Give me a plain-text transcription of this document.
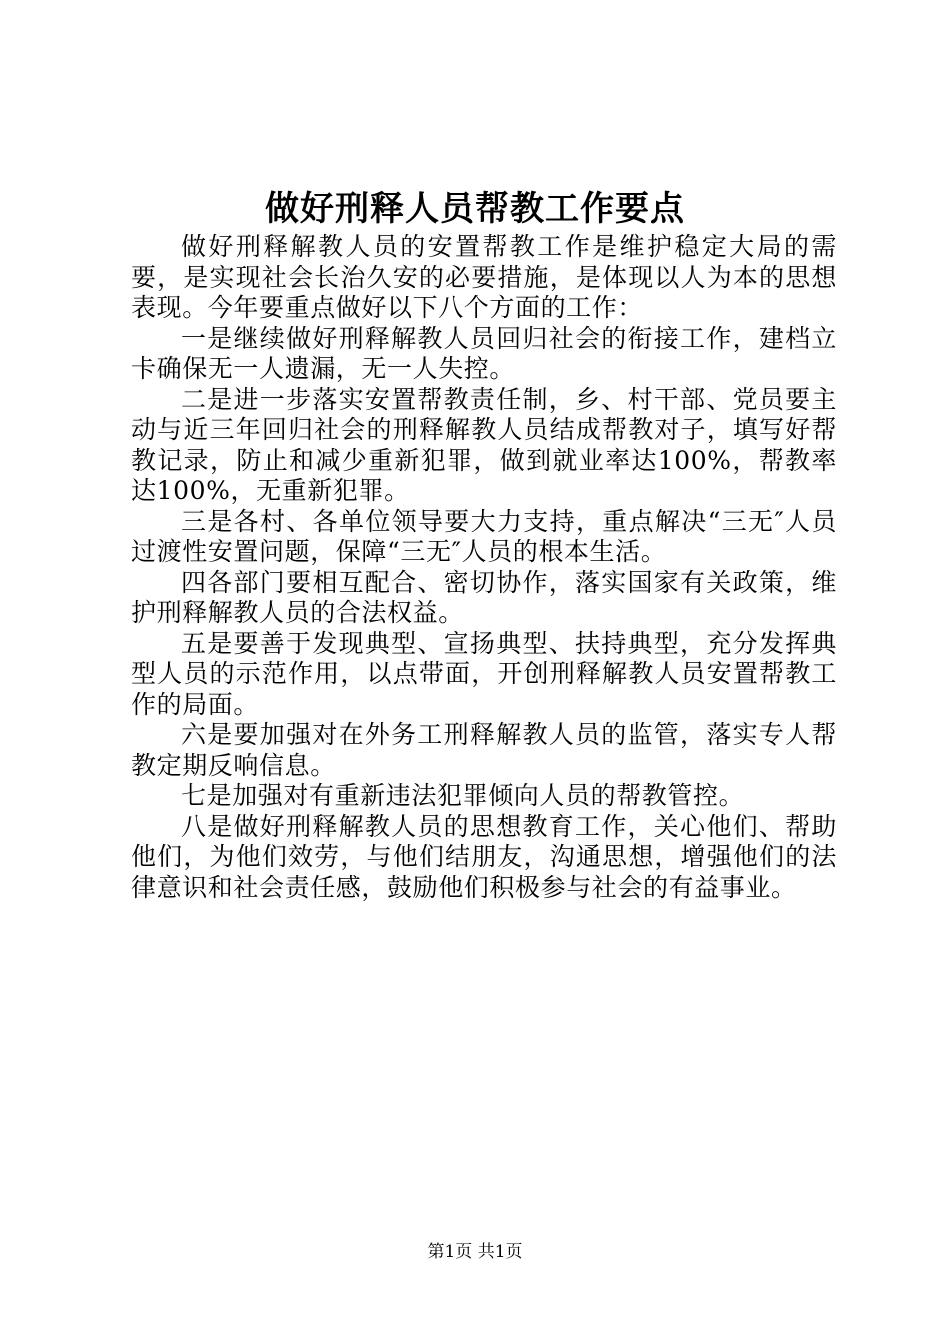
做好刑释人员帮教工作要点

做好刑释解教人员的安置帮教工作是维护稳定大局的需要，是实现社会长治久安的必要措施，是体现以人为本的思想表现。今年要重点做好以下八个方面的工作：

一是继续做好刑释解教人员回归社会的衔接工作，建档立卡确保无一人遗漏，无一人失控。

二是进一步落实安置帮教责任制，乡、村干部、党员要主动与近三年回归社会的刑释解教人员结成帮教对子，填写好帮教记录，防止和减少重新犯罪，做到就业率达100%，帮教率达100%，无重新犯罪。

三是各村、各单位领导要大力支持，重点解决“三无″人员过渡性安置问题，保障“三无″人员的根本生活。

四各部门要相互配合、密切协作，落实国家有关政策，维护刑释解教人员的合法权益。

五是要善于发现典型、宣扬典型、扶持典型，充分发挥典型人员的示范作用，以点带面，开创刑释解教人员安置帮教工作的局面。

六是要加强对在外务工刑释解教人员的监管，落实专人帮教定期反响信息。

七是加强对有重新违法犯罪倾向人员的帮教管控。

八是做好刑释解教人员的思想教育工作，关心他们、帮助他们，为他们效劳，与他们结朋友，沟通思想，增强他们的法律意识和社会责任感，鼓励他们积极参与社会的有益事业。

第1页 共1页
